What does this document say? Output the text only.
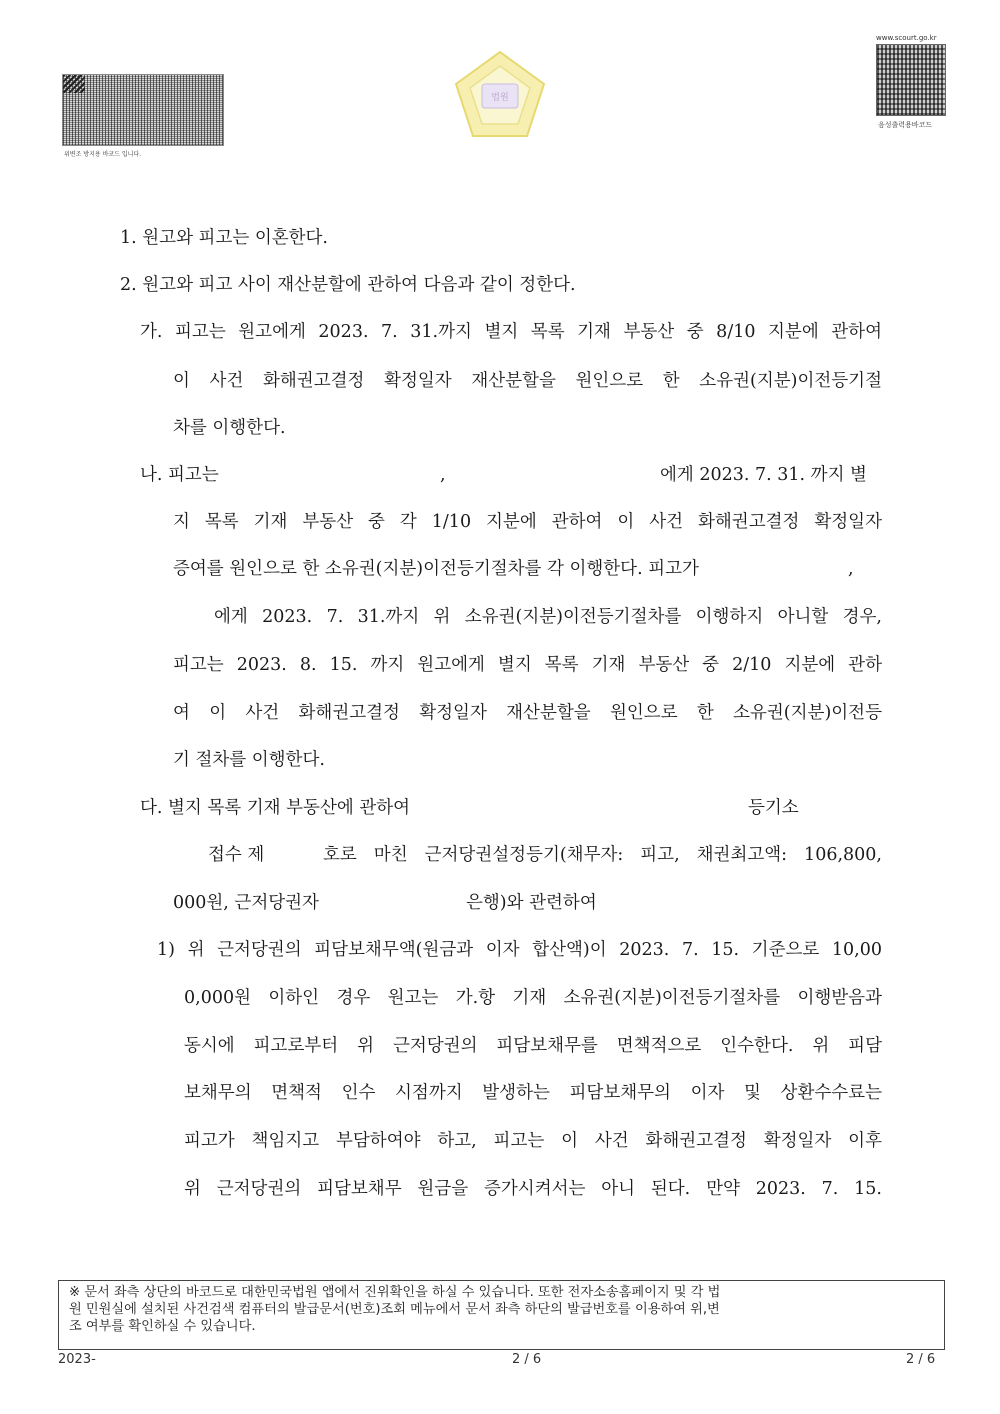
위변조 방지용 바코드 입니다.
법원
www.scourt.go.kr
음성출력용바코드
1. 원고와 피고는 이혼한다.
2. 원고와 피고 사이 재산분할에 관하여 다음과 같이 정한다.
가. 피고는 원고에게 2023. 7. 31.까지 별지 목록 기재 부동산 중 8/10 지분에 관하여
이 사건 화해권고결정 확정일자 재산분할을 원인으로 한 소유권(지분)이전등기절
차를 이행한다.
나. 피고는	,	에게 2023. 7. 31. 까지 별
지 목록 기재 부동산 중 각 1/10 지분에 관하여 이 사건 화해권고결정 확정일자
증여를 원인으로 한 소유권(지분)이전등기절차를 각 이행한다. 피고가	,
에게 2023. 7. 31.까지 위 소유권(지분)이전등기절차를 이행하지 아니할 경우,
피고는 2023. 8. 15. 까지 원고에게 별지 목록 기재 부동산 중 2/10 지분에 관하
여 이 사건 화해권고결정 확정일자 재산분할을 원인으로 한 소유권(지분)이전등
기 절차를 이행한다.
다. 별지 목록 기재 부동산에 관하여	등기소
접수 제	호로 마친 근저당권설정등기(채무자: 피고, 채권최고액: 106,800,
000원, 근저당권자	은행)와 관련하여
1) 위 근저당권의 피담보채무액(원금과 이자 합산액)이 2023. 7. 15. 기준으로 10,00
0,000원 이하인 경우 원고는 가.항 기재 소유권(지분)이전등기절차를 이행받음과
동시에 피고로부터 위 근저당권의 피담보채무를 면책적으로 인수한다. 위 피담
보채무의 면책적 인수 시점까지 발생하는 피담보채무의 이자 및 상환수수료는
피고가 책임지고 부담하여야 하고, 피고는 이 사건 화해권고결정 확정일자 이후
위 근저당권의 피담보채무 원금을 증가시켜서는 아니 된다. 만약 2023. 7. 15.
※ 문서 좌측 상단의 바코드로 대한민국법원 앱에서 진위확인을 하실 수 있습니다. 또한 전자소송홈페이지 및 각 법
원 민원실에 설치된 사건검색 컴퓨터의 발급문서(번호)조회 메뉴에서 문서 좌측 하단의 발급번호를 이용하여 위,변
조 여부를 확인하실 수 있습니다.
2023-	2 / 6	2 / 6
